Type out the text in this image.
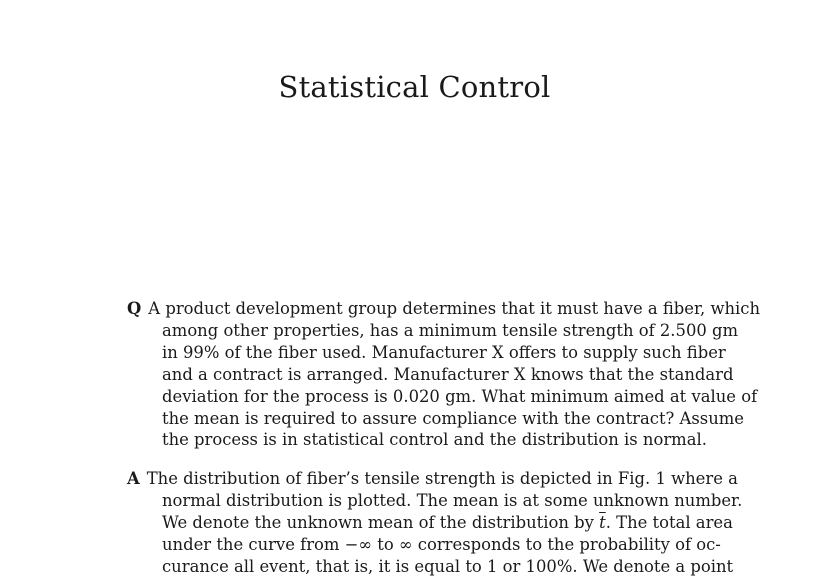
Statistical Control
Q A product development group determines that it must have a fiber, which
among other properties, has a minimum tensile strength of 2.500 gm
in 99% of the fiber used. Manufacturer X offers to supply such fiber
and a contract is arranged. Manufacturer X knows that the standard
deviation for the process is 0.020 gm. What minimum aimed at value of
the mean is required to assure compliance with the contract? Assume
the process is in statistical control and the distribution is normal.
A The distribution of fiber’s tensile strength is depicted in Fig. 1 where a
normal distribution is plotted. The mean is at some unknown number.
We denote the unknown mean of the distribution by $\overline{t}$. The total area
under the curve from −∞ to ∞ corresponds to the probability of oc-
curance all event, that is, it is equal to 1 or 100%. We denote a point
